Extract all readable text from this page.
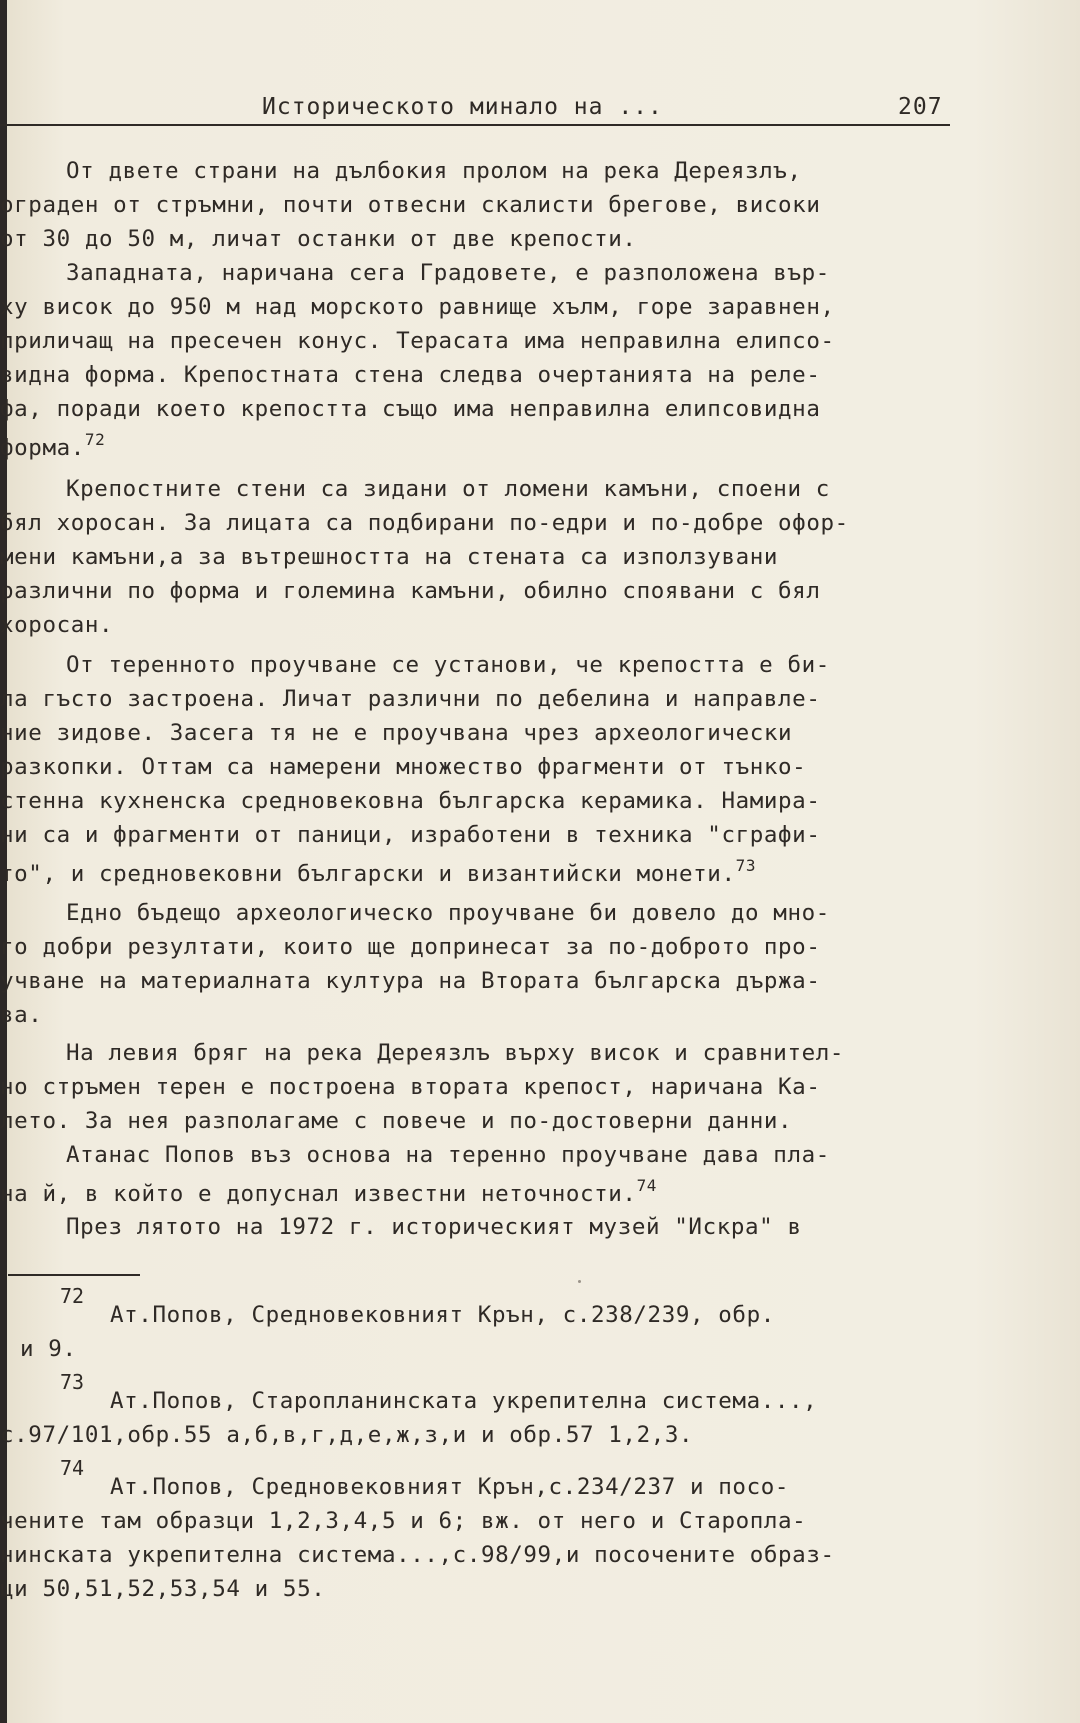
Историческото минало на ...	207
От двете страни на дълбокия пролом на река Дереязлъ,
ограден от стръмни, почти отвесни скалисти брегове, високи
от 30 до 50 м, личат останки от две крепости.
Западната, наричана сега Градовете, е разположена вър-
ху висок до 950 м над морското равнище хълм, горе заравнен,
приличащ на пресечен конус. Терасата има неправилна елипсо-
видна форма. Крепостната стена следва очертанията на реле-
фа, поради което крепостта също има неправилна елипсовидна
форма.$^{72}$
Крепостните стени са зидани от ломени камъни, споени с
бял хоросан. За лицата са подбирани по-едри и по-добре офор-
мени камъни,а за вътрешността на стената са използувани
различни по форма и големина камъни, обилно споявани с бял
хоросан.
От теренното проучване се установи, че крепостта е би-
ла гъсто застроена. Личат различни по дебелина и направле-
ние зидове. Засега тя не е проучвана чрез археологически
разкопки. Оттам са намерени множество фрагменти от тънко-
стенна кухненска средновековна българска керамика. Намира-
ни са и фрагменти от паници, изработени в техника "сграфи-
то", и средновековни български и византийски монети.$^{73}$
Едно бъдещо археологическо проучване би довело до мно-
го добри резултати, които ще допринесат за по-доброто про-
учване на материалната култура на Втората българска държа-
ва.
На левия бряг на река Дереязлъ върху висок и сравнител-
но стръмен терен е построена втората крепост, наричана Ка-
лето. За нея разполагаме с повече и по-достоверни данни.
Атанас Попов въз основа на теренно проучване дава пла-
на й, в който е допуснал известни неточности.$^{74}$
През лятото на 1972 г. историческият музей "Искра" в
72
Ат.Попов, Средновековният Крън, с.238/239, обр.
и 9.
73
Ат.Попов, Старопланинската укрепителна система...,
с.97/101,обр.55 а,б,в,г,д,е,ж,з,и и обр.57 1,2,3.
74
Ат.Попов, Средновековният Крън,с.234/237 и посо-
чените там образци 1,2,3,4,5 и 6; вж. от него и Старопла-
нинската укрепителна система...,с.98/99,и посочените образ-
ци 50,51,52,53,54 и 55.
